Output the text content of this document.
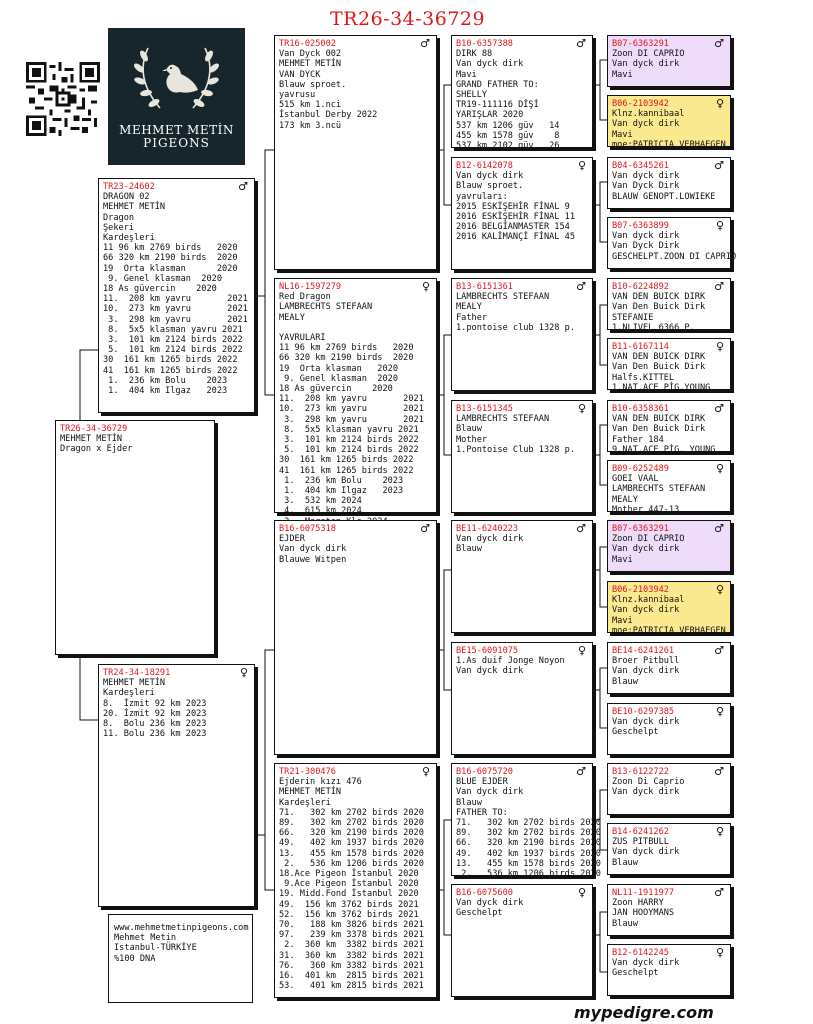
TR26-34-36729
MEHMET METİN
PIGEONS
TR26-34-36729
MEHMET METİN
Dragon x Ejder
TR23-24602	♂
DRAGON 02
MEHMET METİN
Dragon
Şekeri
Kardeşleri
11 96 km 2769 birds   2020
66 320 km 2190 birds  2020
19  Orta klasman      2020
9. Genel klasman  2020
18 As güvercin    2020
11.  208 km yavru       2021
10.  273 km yavru       2021
3.  298 km yavru       2021
8.  5x5 klasman yavru 2021
3.  101 km 2124 birds 2022
5.  101 km 2124 birds 2022
30  161 km 1265 birds 2022
41  161 km 1265 birds 2022
1.  236 km Bolu    2023
1.  404 km Ilgaz   2023
TR24-34-18291	♀
MEHMET METİN
Kardeşleri
8.  İzmit 92 km 2023
20. İzmit 92 km 2023
8.  Bolu 236 km 2023
11. Bolu 236 km 2023
TR16-025002	♂
Van Dyck 002
MEHMET METİN
VAN DYCK
Blauw sproet.
yavrusu
515 km 1.nci
İstanbul Derby 2022
173 km 3.ncü
NL16-1597279	♀
Red Dragon
LAMBRECHTS STEFAAN
MEALY

YAVRULARI
11 96 km 2769 birds   2020
66 320 km 2190 birds  2020
19  Orta klasman   2020
9. Genel klasman  2020
18 As güvercin    2020
11.  208 km yavru       2021
10.  273 km yavru       2021
3.  298 km yavru       2021
8.  5x5 klasman yavru 2021
3.  101 km 2124 birds 2022
5.  101 km 2124 birds 2022
30  161 km 1265 birds 2022
41  161 km 1265 birds 2022
1.  236 km Bolu    2023
1.  404 km Ilgaz   2023
3.  532 km 2024
4.  615 km 2024

B16-6075318	♂
EJDER
Van dyck dirk
Blauwe Witpen
TR21-300476	♀
Ejderin kızı 476
MEHMET METİN
Kardeşleri
71.   302 km 2702 birds 2020
89.   302 km 2702 birds 2020
66.   320 km 2190 birds 2020
49.   402 km 1937 birds 2020
13.   455 km 1578 birds 2020
2.   536 km 1206 birds 2020
18.Ace Pigeon İstanbul 2020
9.Ace Pigeon İstanbul 2020
19. Midd.Fond İstanbul 2020
49.  156 km 3762 birds 2021
52.  156 km 3762 birds 2021
70.   188 km 3826 birds 2021
97.   239 km 3378 birds 2021
2.  360 km  3382 birds 2021
31.  360 km  3382 birds 2021
76.   360 km 3382 birds 2021
16.  401 km  2815 birds 2021
53.   401 km 2815 birds 2021
B10-6357388	♂
DIRK 88
Van dyck dirk
Mavi
GRAND FATHER TO:
SHELLY
TR19-111116 DİŞİ
YARIŞLAR 2020
537 km 1206 güv   14
455 km 1578 güv    8
537 km 2102 güv   26
B12-6142078	♀
Van dyck dirk
Blauw sproet.
yavruları:
2015 ESKİŞEHİR FİNAL 9
2016 ESKİŞEHİR FİNAL 11
2016 BELGİANMASTER 154
2016 KALİMANÇİ FİNAL 45
B13-6151361	♂
LAMBRECHTS STEFAAN
MEALY
Father
1.pontoise club 1328 p.
B13-6151345	♀
LAMBRECHTS STEFAAN
Blauw
Mother
1.Pontoise Club 1328 p.
BE11-6240223	♂
Van dyck dirk
Blauw
BE15-6091075	♀
1.As duif Jonge Noyon
Van dyck dirk
B16-6075720	♂
BLUE EJDER
Van dyck dirk
Blauw
FATHER TO:
71.   302 km 2702 birds 2020
89.   302 km 2702 birds 2020
66.   320 km 2190 birds 2020
49.   402 km 1937 birds 2020
13.   455 km 1578 birds 2020
2.   536 km 1206 birds 2020
B16-6075600	♀
Van dyck dirk
Geschelpt
B07-6363291	♂
Zoon DI CAPRIO
Van dyck dirk
Mavi
B06-2103942	♀
Klnz.kannibaal
Van dyck dirk
Mavi
moe:PATRICIA VERHAEGEN
B04-6345261	♂
Van dyck dirk
Van Dyck Dirk
BLAUW GENOPT.LOWIEKE
B07-6363899	♀
Van dyck dirk
Van Dyck Dirk
GESCHELPT.ZOON DI CAPRIO
B10-6224892	♂
VAN DEN BUICK DIRK
Van Den Buick Dirk
STEFANIE
1.NLIVEL 6366 P.
B11-6167114	♀
VAN DEN BUICK DIRK
Van Den Buick Dirk
Halfs.KITTEL
1.NAT.ACE PİG.YOUNG
B10-6358361	♂
VAN DEN BUICK DIRK
Van Den Buick Dirk
Father 184
9.NAT.ACE PİG. YOUNG
B09-6252489	♀
GOEI VAAL
LAMBRECHTS STEFAAN
MEALY
Mother 447-13
B07-6363291	♂
Zoon DI CAPRIO
Van dyck dirk
Mavi
B06-2103942	♀
Klnz.kannibaal
Van dyck dirk
Mavi
moe:PATRICIA VERHAEGEN
BE14-6241261	♂
Broer Pitbull
Van dyck dirk
Blauw
BE10-6297385	♀
Van dyck dirk
Geschelpt
B13-6122722	♂
Zoon Di Caprio
Van dyck dirk
B14-6241262	♀
ZUS PITBULL
Van dyck dirk
Blauw
NL11-1911977	♂
Zoon HARRY
JAN HOOYMANS
Blauw
B12-6142245	♀
Van dyck dirk
Geschelpt
www.mehmetmetinpigeons.com
Mehmet Metin
Istanbul-TÜRKİYE
%100 DNA
mypedigre.com
